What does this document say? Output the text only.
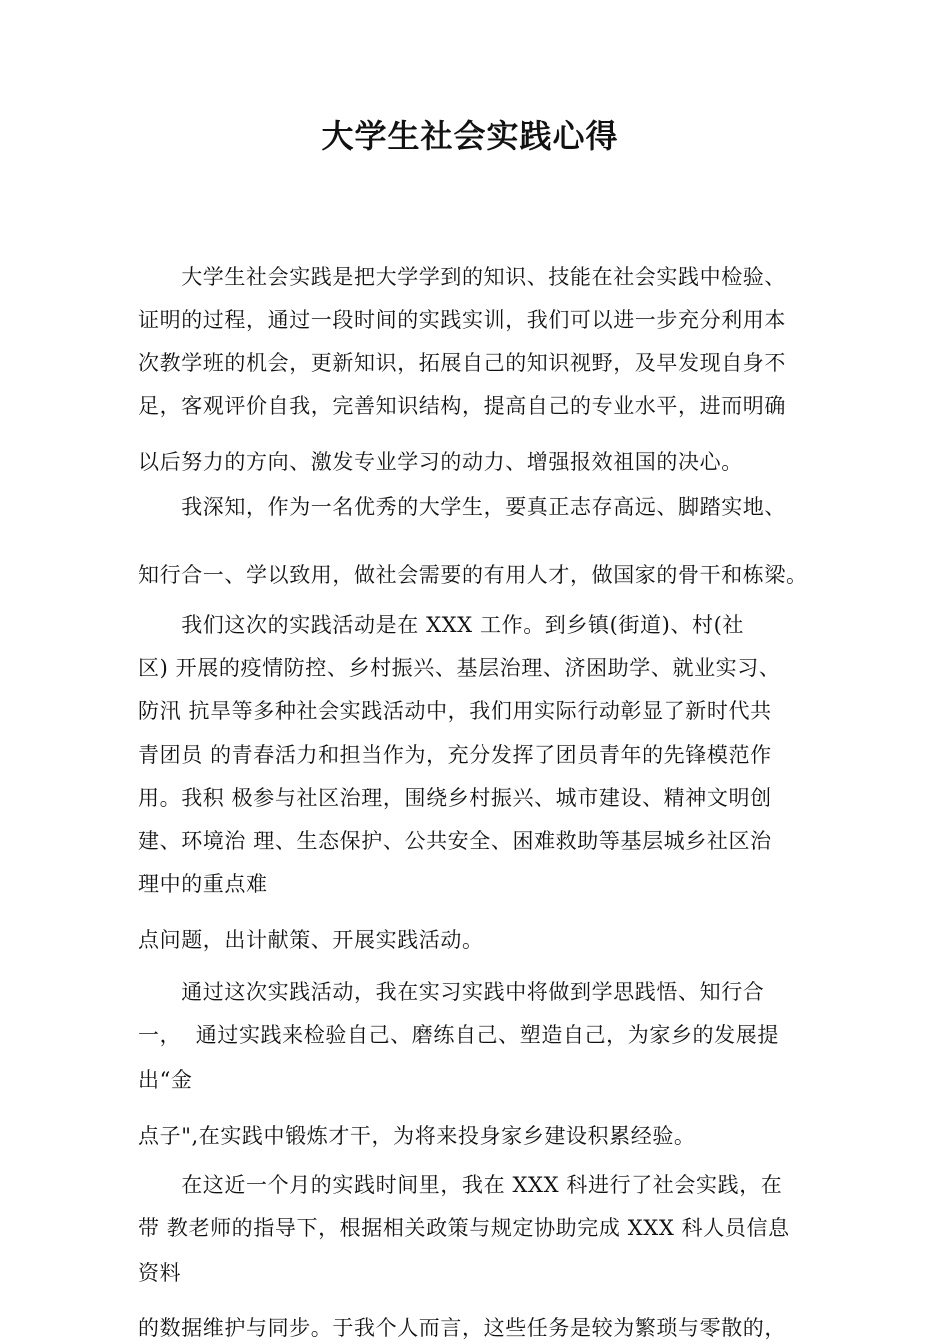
大学生社会实践心得
　　大学生社会实践是把大学学到的知识、技能在社会实践中检验、
证明的过程，通过一段时间的实践实训，我们可以进一步充分利用本
次教学班的机会，更新知识，拓展自己的知识视野，及早发现自身不
足，客观评价自我，完善知识结构，提高自己的专业水平，进而明确
以后努力的方向、激发专业学习的动力、增强报效祖国的决心。
　　我深知，作为一名优秀的大学生，要真正志存高远、脚踏实地、
知行合一、学以致用，做社会需要的有用人才，做国家的骨干和栋梁。
　　我们这次的实践活动是在 XXX 工作。到乡镇(街道)、村(社
区) 开展的疫情防控、乡村振兴、基层治理、济困助学、就业实习、
防汛 抗旱等多种社会实践活动中，我们用实际行动彰显了新时代共
青团员 的青春活力和担当作为，充分发挥了团员青年的先锋模范作
用。我积 极参与社区治理，围绕乡村振兴、城市建设、精神文明创
建、环境治 理、生态保护、公共安全、困难救助等基层城乡社区治
理中的重点难
点问题，出计献策、开展实践活动。
　　通过这次实践活动，我在实习实践中将做到学思践悟、知行合
一，  通过实践来检验自己、磨练自己、塑造自己，为家乡的发展提
出“金
点子",在实践中锻炼才干，为将来投身家乡建设积累经验。
　　在这近一个月的实践时间里，我在 XXX 科进行了社会实践，在
带 教老师的指导下，根据相关政策与规定协助完成 XXX 科人员信息
资料
的数据维护与同步。于我个人而言，这些任务是较为繁琐与零散的，
